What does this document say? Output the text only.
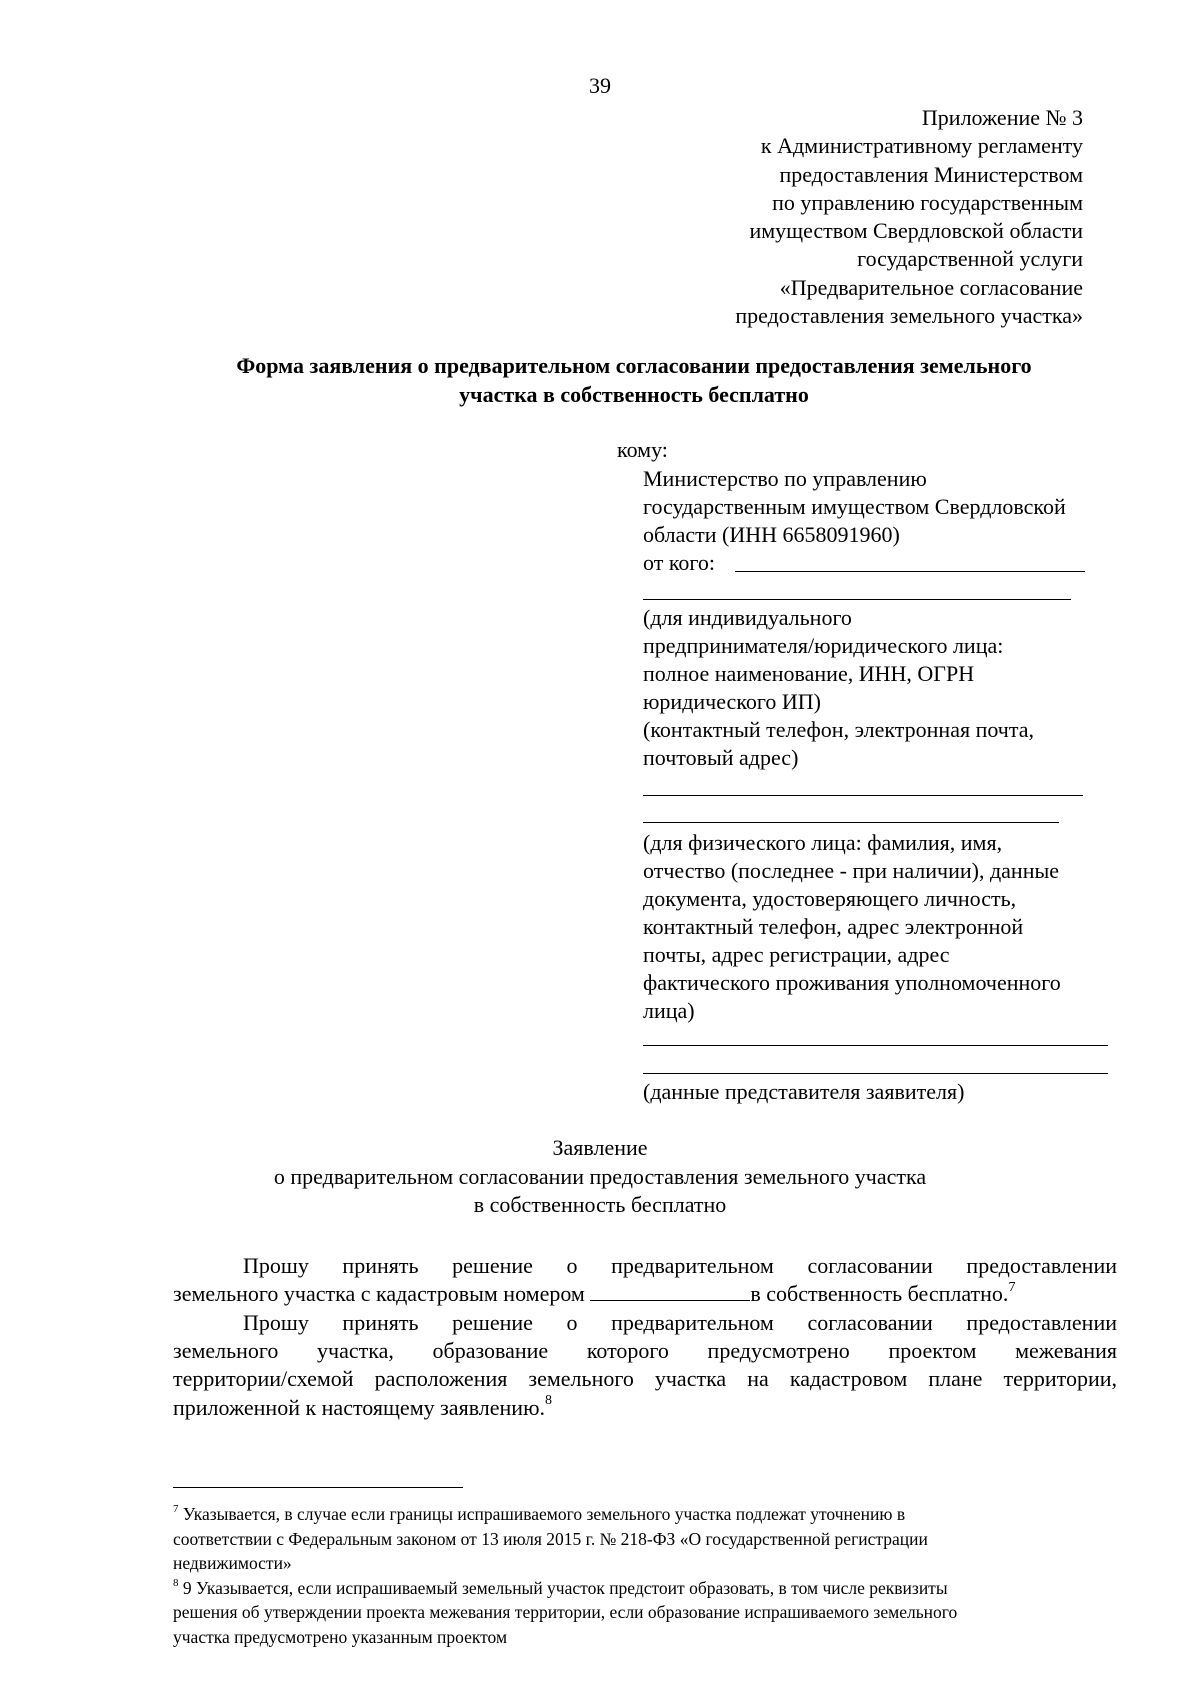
39
Приложение № 3
к Административному регламенту
предоставления Министерством
по управлению государственным
имуществом Свердловской области
государственной услуги
«Предварительное согласование
предоставления земельного участка»
Форма заявления о предварительном согласовании предоставления земельного
участка в собственность бесплатно
кому:
Министерство по управлению
государственным имуществом Свердловской
области (ИНН 6658091960)
от кого:
(для индивидуального
предпринимателя/юридического лица:
полное наименование, ИНН, ОГРН
юридического ИП)
(контактный телефон, электронная почта,
почтовый адрес)
(для физического лица: фамилия, имя,
отчество (последнее - при наличии), данные
документа, удостоверяющего личность,
контактный телефон, адрес электронной
почты, адрес регистрации, адрес
фактического проживания уполномоченного
лица)
(данные представителя заявителя)
Заявление
о предварительном согласовании предоставления земельного участка
в собственность бесплатно
Прошу принять решение о предварительном согласовании предоставлении
земельного участка с кадастровым номером	в собственность бесплатно.$^7$
Прошу принять решение о предварительном согласовании предоставлении
земельного участка, образование которого предусмотрено проектом межевания
территории/схемой расположения земельного участка на кадастровом плане территории,
приложенной к настоящему заявлению.$^8$
$^7$ Указывается, в случае если границы испрашиваемого земельного участка подлежат уточнению в
соответствии с Федеральным законом от 13 июля 2015 г. № 218-ФЗ «О государственной регистрации
недвижимости»
$^8$ 9 Указывается, если испрашиваемый земельный участок предстоит образовать, в том числе реквизиты
решения об утверждении проекта межевания территории, если образование испрашиваемого земельного
участка предусмотрено указанным проектом
